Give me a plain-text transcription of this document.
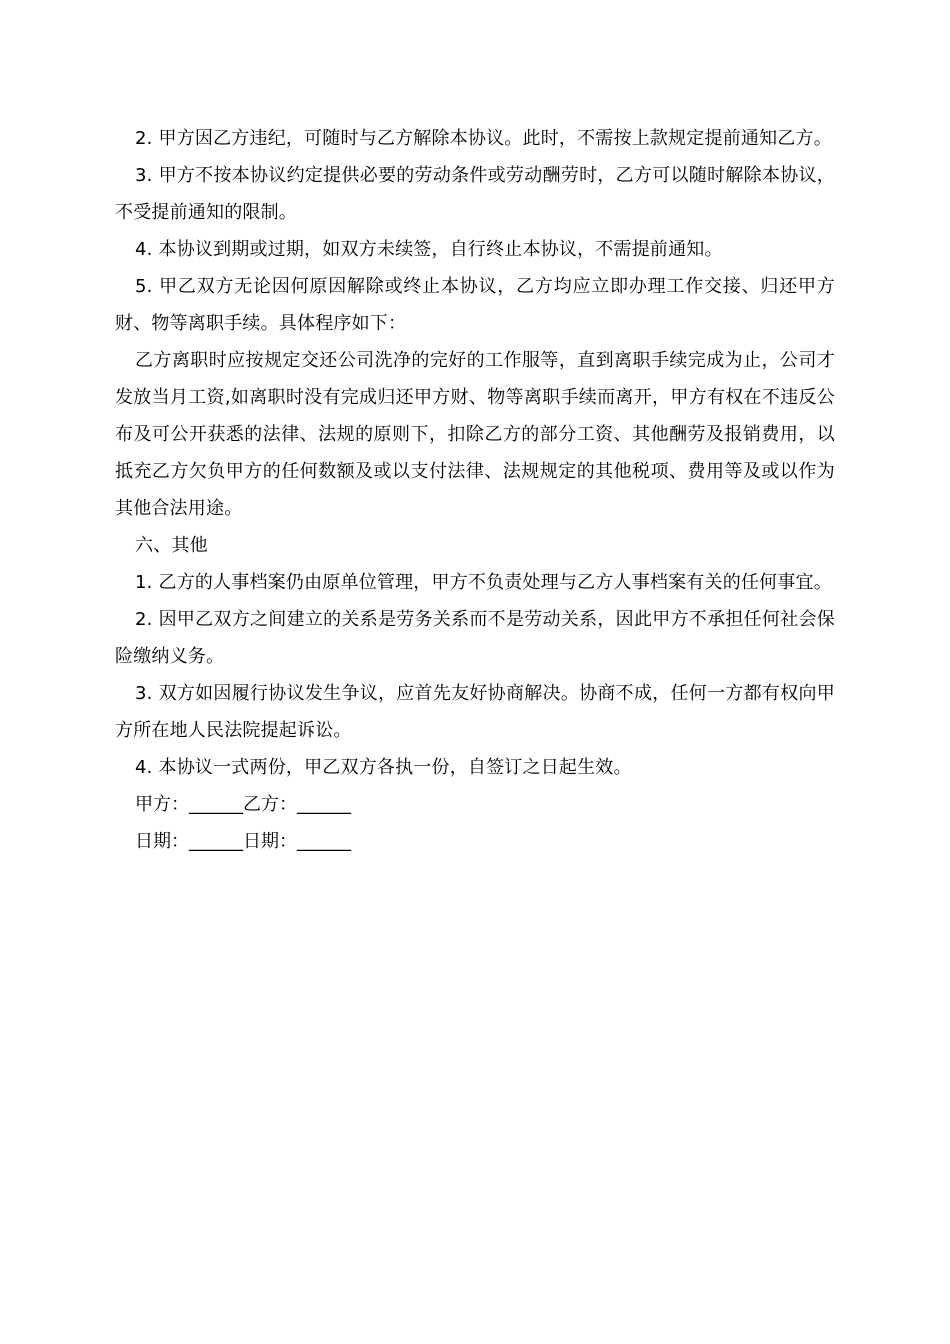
2. 甲方因乙方违纪，可随时与乙方解除本协议。此时，不需按上款规定提前通知乙方。

3. 甲方不按本协议约定提供必要的劳动条件或劳动酬劳时，乙方可以随时解除本协议，不受提前通知的限制。

4. 本协议到期或过期，如双方未续签，自行终止本协议，不需提前通知。

5. 甲乙双方无论因何原因解除或终止本协议，乙方均应立即办理工作交接、归还甲方财、物等离职手续。具体程序如下：

乙方离职时应按规定交还公司洗净的完好的工作服等，直到离职手续完成为止，公司才发放当月工资,如离职时没有完成归还甲方财、物等离职手续而离开，甲方有权在不违反公布及可公开获悉的法律、法规的原则下，扣除乙方的部分工资、其他酬劳及报销费用，以抵充乙方欠负甲方的任何数额及或以支付法律、法规规定的其他税项、费用等及或以作为其他合法用途。

六、其他

1. 乙方的人事档案仍由原单位管理，甲方不负责处理与乙方人事档案有关的任何事宜。

2. 因甲乙双方之间建立的关系是劳务关系而不是劳动关系，因此甲方不承担任何社会保险缴纳义务。

3. 双方如因履行协议发生争议，应首先友好协商解决。协商不成，任何一方都有权向甲方所在地人民法院提起诉讼。

4. 本协议一式两份，甲乙双方各执一份，自签订之日起生效。

甲方：______乙方：______

日期：______日期：______
